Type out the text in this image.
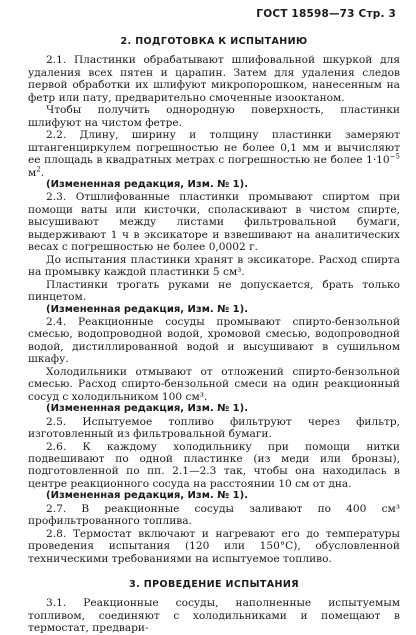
ГОСТ 18598—73 Стр. 3
2. ПОДГОТОВКА К ИСПЫТАНИЮ

2.1. Пластинки обрабатывают шлифовальной шкуркой для удаления всех пятен и царапин. Затем для удаления следов первой обработки их шлифуют микропорошком, нанесенным на фетр или пату, предварительно смоченные изооктаном.

Чтобы получить однородную поверхность, пластинки шлифуют на чистом фетре.

2.2. Длину, ширину и толщину пластинки замеряют штангенциркулем погрешностью не более 0,1 мм и вычисляют ее площадь в квадратных метрах с погрешностью не более $1\cdot 10^{-5}$ $м^2$.

(Измененная редакция, Изм. № 1).

2.3. Отшлифованные пластинки промывают спиртом при помощи ваты или кисточки, споласкивают в чистом спирте, высушивают между листами фильтровальной бумаги, выдерживают 1 ч в эксикаторе и взвешивают на аналитических весах с погрешностью не более 0,0002 г.

До испытания пластинки хранят в эксикаторе. Расход спирта на промывку каждой пластинки 5 см³.

Пластинки трогать руками не допускается, брать только пинцетом.

(Измененная редакция, Изм. № 1).

2.4. Реакционные сосуды промывают спирто-бензольной смесью, водопроводной водой, хромовой смесью, водопроводной водой, дистиллированной водой и высушивают в сушильном шкафу.

Холодильники отмывают от отложений спирто-бензольной смесью. Расход спирто-бензольной смеси на один реакционный сосуд с холодильником 100 см³.

(Измененная редакция, Изм. № 1).

2.5. Испытуемое топливо фильтруют через фильтр, изготовленный из фильтровальной бумаги.

2.6. К каждому холодильнику при помощи нитки подвешивают по одной пластинке (из меди или бронзы), подготовленной по пп. 2.1—2.3 так, чтобы она находилась в центре реакционного сосуда на расстоянии 10 см от дна.

(Измененная редакция, Изм. № 1).

2.7. В реакционные сосуды заливают по 400 см³ профильтрованного топлива.

2.8. Термостат включают и нагревают его до температуры проведения испытания (120 или 150°С), обусловленной техническими требованиями на испытуемое топливо.

3. ПРОВЕДЕНИЕ ИСПЫТАНИЯ

3.1. Реакционные сосуды, наполненные испытуемым топливом, соединяют с холодильниками и помещают в термостат, предвари-
